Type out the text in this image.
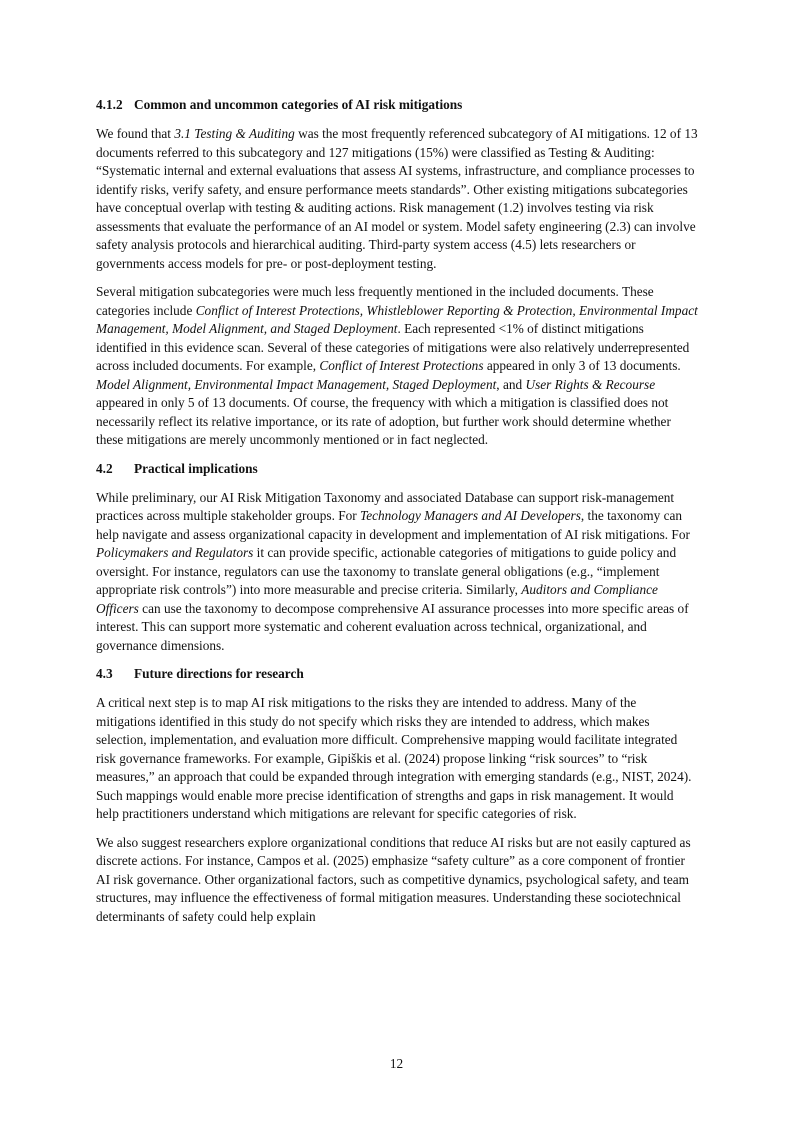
4.1.2 Common and uncommon categories of AI risk mitigations

We found that 3.1 Testing & Auditing was the most frequently referenced subcategory of AI mitigations. 12 of 13 documents referred to this subcategory and 127 mitigations (15%) were classified as Testing & Auditing: “Systematic internal and external evaluations that assess AI systems, infrastructure, and compliance processes to identify risks, verify safety, and ensure performance meets standards”. Other existing mitigations subcategories have conceptual overlap with testing & auditing actions. Risk management (1.2) involves testing via risk assessments that evaluate the performance of an AI model or system. Model safety engineering (2.3) can involve safety analysis protocols and hierarchical auditing. Third-party system access (4.5) lets researchers or governments access models for pre- or post-deployment testing.

Several mitigation subcategories were much less frequently mentioned in the included documents. These categories include Conflict of Interest Protections, Whistleblower Reporting & Protection, Environmental Impact Management, Model Alignment, and Staged Deployment. Each represented <1% of distinct mitigations identified in this evidence scan. Several of these categories of mitigations were also relatively underrepresented across included documents. For example, Conflict of Interest Protections appeared in only 3 of 13 documents. Model Alignment, Environmental Impact Management, Staged Deployment, and User Rights & Recourse appeared in only 5 of 13 documents. Of course, the frequency with which a mitigation is classified does not necessarily reflect its relative importance, or its rate of adoption, but further work should determine whether these mitigations are merely uncommonly mentioned or in fact neglected.

4.2 Practical implications

While preliminary, our AI Risk Mitigation Taxonomy and associated Database can support risk-management practices across multiple stakeholder groups. For Technology Managers and AI Developers, the taxonomy can help navigate and assess organizational capacity in development and implementation of AI risk mitigations. For Policymakers and Regulators it can provide specific, actionable categories of mitigations to guide policy and oversight. For instance, regulators can use the taxonomy to translate general obligations (e.g., “implement appropriate risk controls”) into more measurable and precise criteria. Similarly, Auditors and Compliance Officers can use the taxonomy to decompose comprehensive AI assurance processes into more specific areas of interest. This can support more systematic and coherent evaluation across technical, organizational, and governance dimensions.

4.3 Future directions for research

A critical next step is to map AI risk mitigations to the risks they are intended to address. Many of the mitigations identified in this study do not specify which risks they are intended to address, which makes selection, implementation, and evaluation more difficult. Comprehensive mapping would facilitate integrated risk governance frameworks. For example, Gipiškis et al. (2024) propose linking “risk sources” to “risk measures,” an approach that could be expanded through integration with emerging standards (e.g., NIST, 2024). Such mappings would enable more precise identification of strengths and gaps in risk management. It would help practitioners understand which mitigations are relevant for specific categories of risk.

We also suggest researchers explore organizational conditions that reduce AI risks but are not easily captured as discrete actions. For instance, Campos et al. (2025) emphasize “safety culture” as a core component of frontier AI risk governance. Other organizational factors, such as competitive dynamics, psychological safety, and team structures, may influence the effectiveness of formal mitigation measures. Understanding these sociotechnical determinants of safety could help explain

12
